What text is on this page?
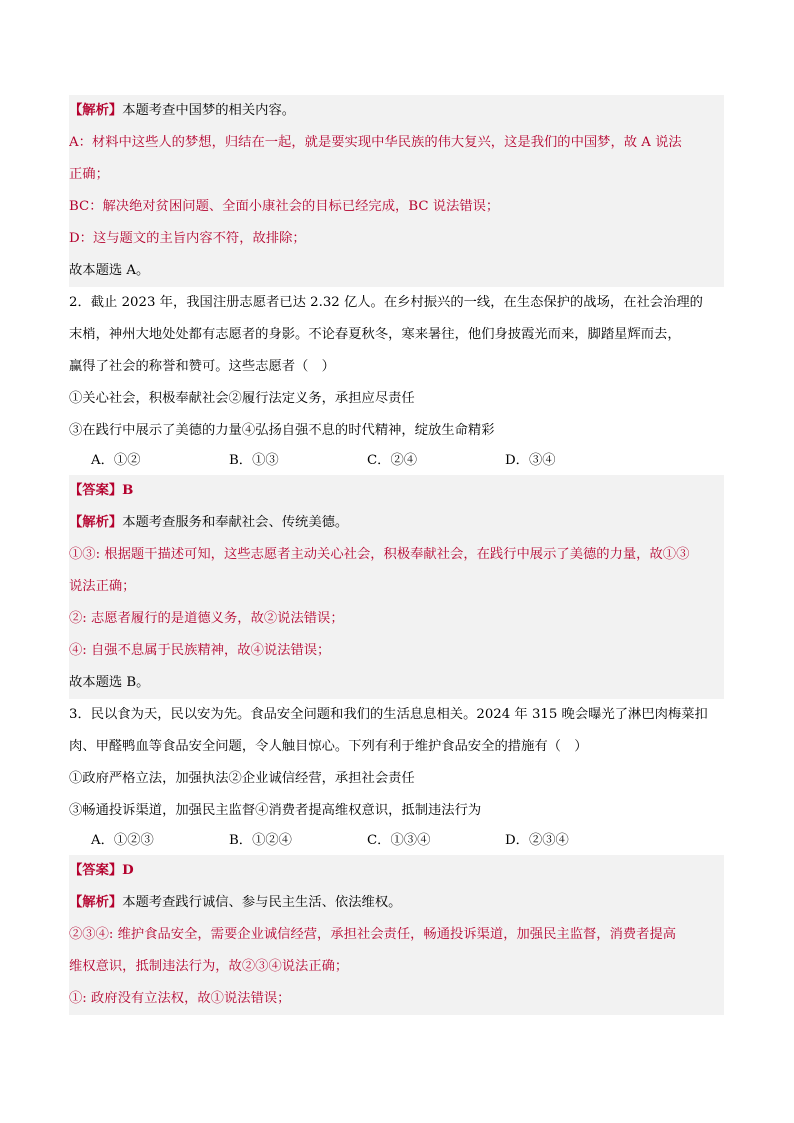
【解析】本题考查中国梦的相关内容。
A：材料中这些人的梦想，归结在一起，就是要实现中华民族的伟大复兴，这是我们的中国梦，故 A 说法
正确；
BC：解决绝对贫困问题、全面小康社会的目标已经完成，BC 说法错误；
D：这与题文的主旨内容不符，故排除；
故本题选 A。
2．截止 2023 年，我国注册志愿者已达 2.32 亿人。在乡村振兴的一线，在生态保护的战场，在社会治理的
末梢，神州大地处处都有志愿者的身影。不论春夏秋冬，寒来暑往，他们身披霞光而来，脚踏星辉而去，
赢得了社会的称誉和赞可。这些志愿者（　）
①关心社会，积极奉献社会②履行法定义务，承担应尽责任
③在践行中展示了美德的力量④弘扬自强不息的时代精神，绽放生命精彩
A．①②	B．①③	C．②④	D．③④
【答案】B
【解析】本题考查服务和奉献社会、传统美德。
①③: 根据题干描述可知，这些志愿者主动关心社会，积极奉献社会，在践行中展示了美德的力量，故①③
说法正确；
②: 志愿者履行的是道德义务，故②说法错误；
④: 自强不息属于民族精神，故④说法错误；
故本题选 B。
3．民以食为天，民以安为先。食品安全问题和我们的生活息息相关。2024 年 315 晚会曝光了淋巴肉梅菜扣
肉、甲醛鸭血等食品安全问题，令人触目惊心。下列有利于维护食品安全的措施有（　）
①政府严格立法，加强执法②企业诚信经营，承担社会责任
③畅通投诉渠道，加强民主监督④消费者提高维权意识，抵制违法行为
A．①②③	B．①②④	C．①③④	D．②③④
【答案】D
【解析】本题考查践行诚信、参与民主生活、依法维权。
②③④: 维护食品安全，需要企业诚信经营，承担社会责任，畅通投诉渠道，加强民主监督，消费者提高
维权意识，抵制违法行为，故②③④说法正确；
①: 政府没有立法权，故①说法错误；
